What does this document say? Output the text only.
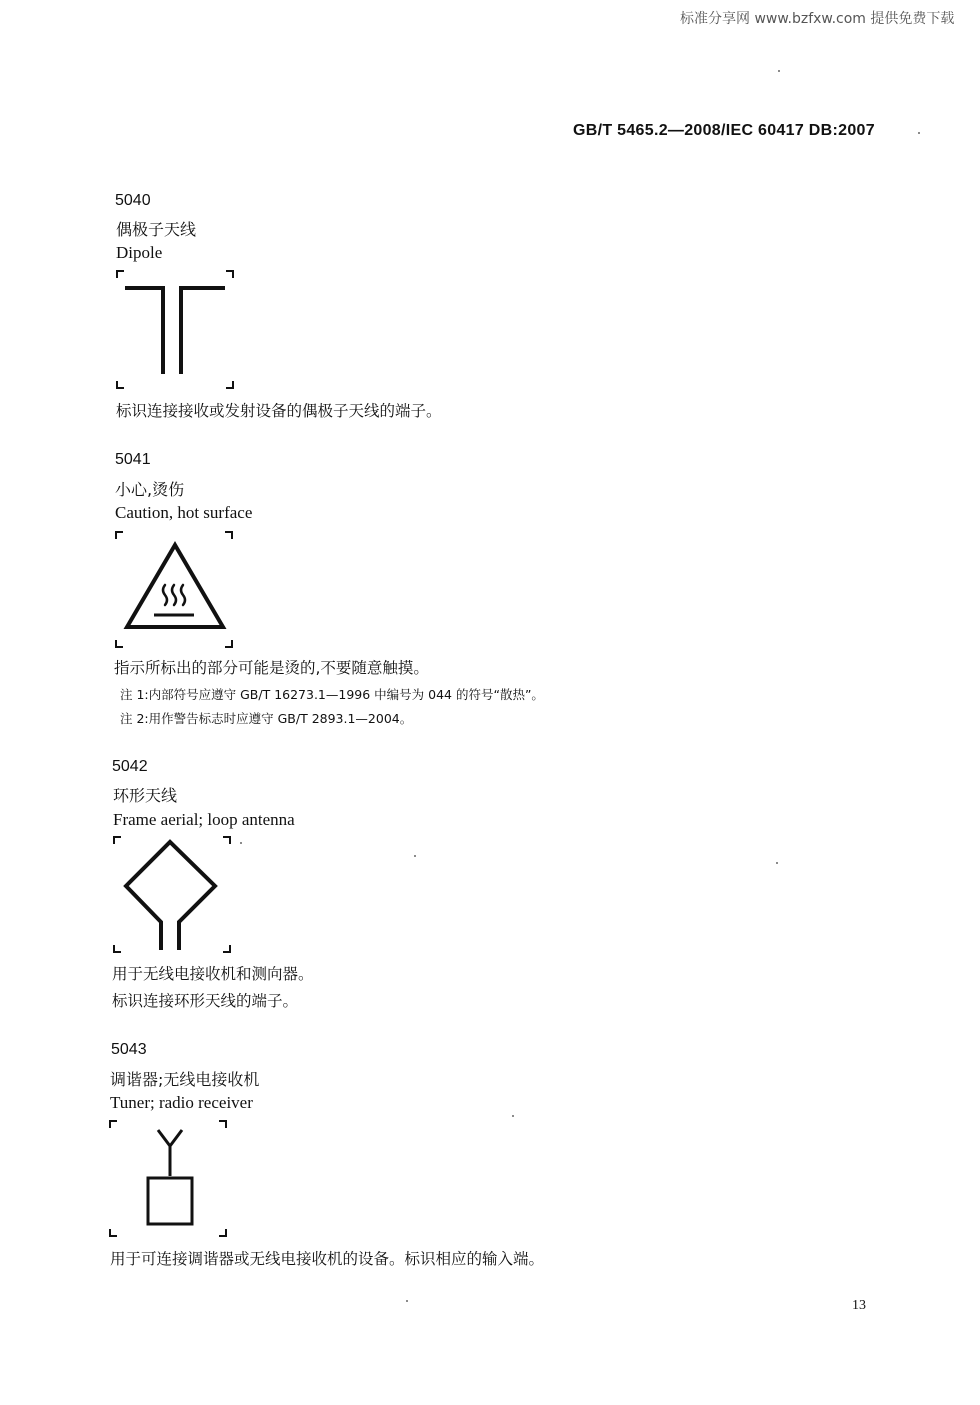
标准分享网 www.bzfxw.com 提供免费下载
GB/T 5465.2—2008/IEC 60417 DB:2007
5040
偶极子天线
Dipole
标识连接接收或发射设备的偶极子天线的端子。
5041
小心,烫伤
Caution, hot surface
指示所标出的部分可能是烫的,不要随意触摸。
注 1:内部符号应遵守 GB/T 16273.1—1996 中编号为 044 的符号“散热”。
注 2:用作警告标志时应遵守 GB/T 2893.1—2004。
5042
环形天线
Frame aerial; loop antenna
用于无线电接收机和测向器。
标识连接环形天线的端子。
5043
调谐器;无线电接收机
Tuner; radio receiver
用于可连接调谐器或无线电接收机的设备。标识相应的输入端。
13
